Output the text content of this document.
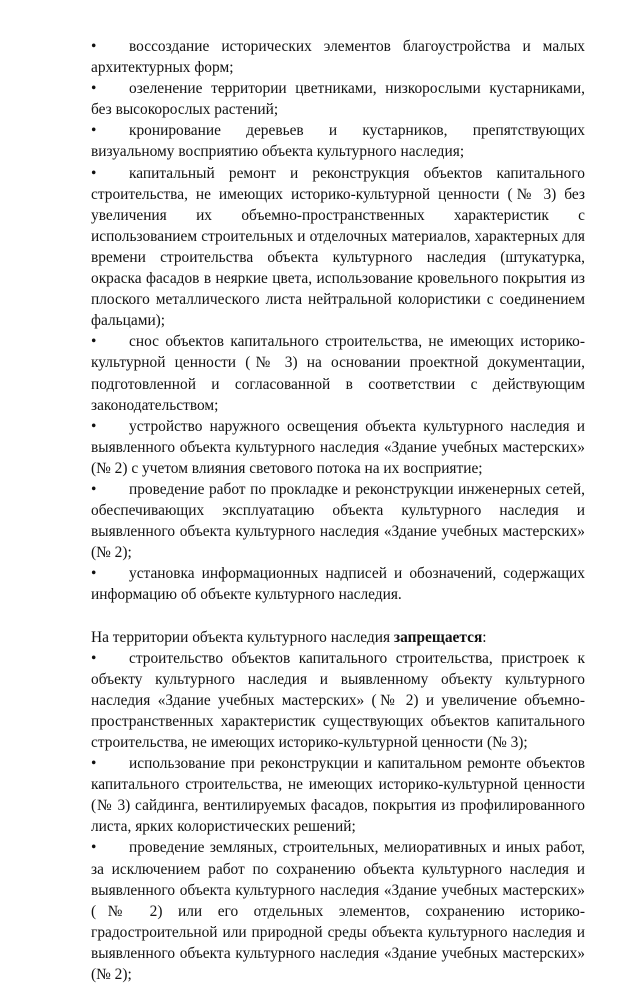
• воссоздание исторических элементов благоустройства и малых архитектурных форм;

• озеленение территории цветниками, низкорослыми кустарниками, без высокорослых растений;

• кронирование деревьев и кустарников, препятствующих визуальному восприятию объекта культурного наследия;

• капитальный ремонт и реконструкция объектов капитального строительства, не имеющих историко-культурной ценности (№ 3) без увеличения их объемно-пространственных характеристик с использованием строительных и отделочных материалов, характерных для времени строительства объекта культурного наследия (штукатурка, окраска фасадов в неяркие цвета, использование кровельного покрытия из плоского металлического листа нейтральной колористики с соединением фальцами);

• снос объектов капитального строительства, не имеющих историко-культурной ценности (№ 3) на основании проектной документации, подготовленной и согласованной в соответствии с действующим законодательством;

• устройство наружного освещения объекта культурного наследия и выявленного объекта культурного наследия «Здание учебных мастерских» (№ 2) с учетом влияния светового потока на их восприятие;

• проведение работ по прокладке и реконструкции инженерных сетей, обеспечивающих эксплуатацию объекта культурного наследия и выявленного объекта культурного наследия «Здание учебных мастерских» (№ 2);

• установка информационных надписей и обозначений, содержащих информацию об объекте культурного наследия.

На территории объекта культурного наследия запрещается:

• строительство объектов капитального строительства, пристроек к объекту культурного наследия и выявленному объекту культурного наследия «Здание учебных мастерских» (№ 2) и увеличение объемно-пространственных характеристик существующих объектов капитального строительства, не имеющих историко-культурной ценности (№ 3);

• использование при реконструкции и капитальном ремонте объектов капитального строительства, не имеющих историко-культурной ценности (№ 3) сайдинга, вентилируемых фасадов, покрытия из профилированного листа, ярких колористических решений;

• проведение земляных, строительных, мелиоративных и иных работ, за исключением работ по сохранению объекта культурного наследия и выявленного объекта культурного наследия «Здание учебных мастерских» (№ 2) или его отдельных элементов, сохранению историко-градостроительной или природной среды объекта культурного наследия и выявленного объекта культурного наследия «Здание учебных мастерских» (№ 2);
